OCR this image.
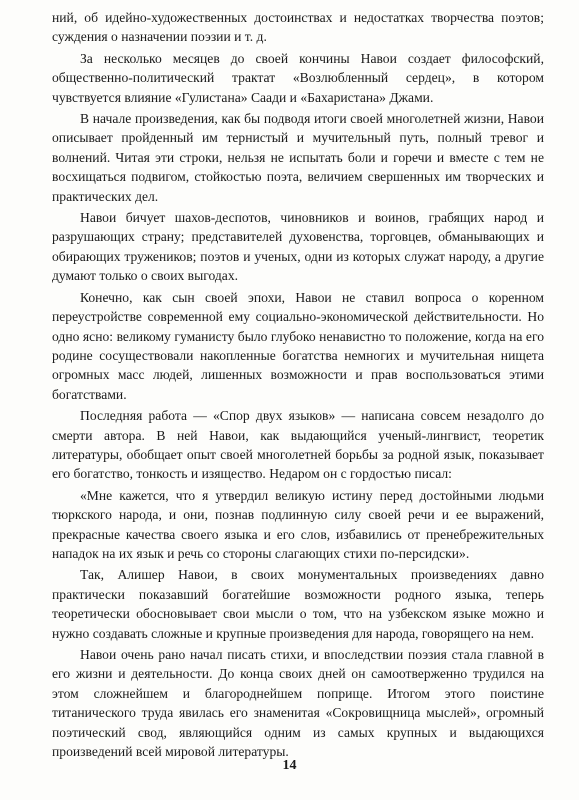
ний, об идейно-художественных достоинствах и недостатках творчества поэтов; суждения о назначении поэзии и т. д.

За несколько месяцев до своей кончины Навои создает философский, общественно-политический трактат «Возлюбленный сердец», в котором чувствуется влияние «Гулистана» Саади и «Бахаристана» Джами.

В начале произведения, как бы подводя итоги своей многолетней жизни, Навои описывает пройденный им тернистый и мучительный путь, полный тревог и волнений. Читая эти строки, нельзя не испытать боли и горечи и вместе с тем не восхищаться подвигом, стойкостью поэта, величием свершенных им творческих и практических дел.

Навои бичует шахов-деспотов, чиновников и воинов, грабящих народ и разрушающих страну; представителей духовенства, торговцев, обманывающих и обирающих тружеников; поэтов и ученых, одни из которых служат народу, а другие думают только о своих выгодах.

Конечно, как сын своей эпохи, Навои не ставил вопроса о коренном переустройстве современной ему социально-экономической действительности. Но одно ясно: великому гуманисту было глубоко ненавистно то положение, когда на его родине сосуществовали накопленные богатства немногих и мучительная нищета огромных масс людей, лишенных возможности и прав воспользоваться этими богатствами.

Последняя работа — «Спор двух языков» — написана совсем незадолго до смерти автора. В ней Навои, как выдающийся ученый-лингвист, теоретик литературы, обобщает опыт своей многолетней борьбы за родной язык, показывает его богатство, тонкость и изящество. Недаром он с гордостью писал:

«Мне кажется, что я утвердил великую истину перед достойными людьми тюркского народа, и они, познав подлинную силу своей речи и ее выражений, прекрасные качества своего языка и его слов, избавились от пренебрежительных нападок на их язык и речь со стороны слагающих стихи по-персидски».

Так, Алишер Навои, в своих монументальных произведениях давно практически показавший богатейшие возможности родного языка, теперь теоретически обосновывает свои мысли о том, что на узбекском языке можно и нужно создавать сложные и крупные произведения для народа, говорящего на нем.

Навои очень рано начал писать стихи, и впоследствии поэзия стала главной в его жизни и деятельности. До конца своих дней он самоотверженно трудился на этом сложнейшем и благороднейшем поприще. Итогом этого поистине титанического труда явилась его знаменитая «Сокровищница мыслей», огромный поэтический свод, являющийся одним из самых крупных и выдающихся произведений всей мировой литературы.

14
